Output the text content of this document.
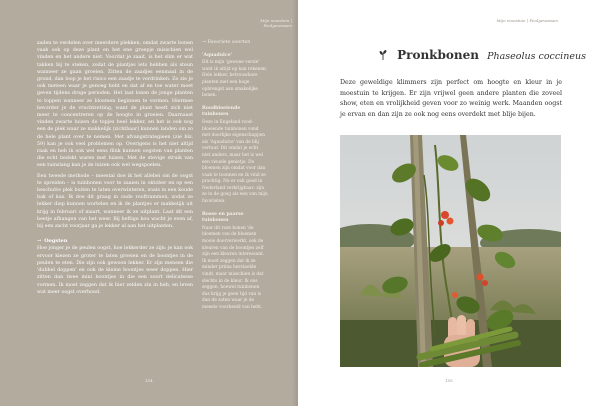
Mijn moestuin | Peulgewassen

zaden te verdelen over meerdere plekken, omdat zwarte bonen vaak ook op deze plant en het ene groepje misschien wel vinden en het andere niet. Voordat je zaait, is het slim er wat takken bij te steken, zodat de plantjes iets hebben als steun wanneer ze gaan groeien. Zitten de zaadjes eenmaal in de grond, dan loop je het risico een zaadje te verdrinken. Zo zie je ook meteen waar je genoeg hebt en dat af en toe water moet geven tijdens droge perioden. Het laat lonen de jonge planten te toppen wanneer ze bloemen beginnen te vormen. Hiermee bevorder je de vruchtzetting, want de plant heeft zich niet meer te concentreren op de hoogte in groeien. Daarnaast vinden zwarte luizen de topjes heel lekker, en het is ook nog een de plek waar ze makkelijk (zichtbaar) kunnen landen om zo de hele plant over te nemen. Met afvangstrategieen (zie blz. 59) kan je ook veel problemen op. Overigens is het niet altijd raak en heb ik ook wel eens flink kunnen oogsten van planten die echt bedekt waren met luizen. Met de stevige struik van een tuinslang kan je de luizen ook wel wegspoelen.

Een tweede methode – meestal doe ik het allebei om de oogst te spreiden – is tuinbonen voor te zaaien in oktober en op een beschutte plek buiten te laten overwinteren, zoals in een koude bak of kas. Ik doe dit graag in oude rooftrammen, zodat ze lekker diep kunnen wortelen en ik de plantjes er makkelijk uit krijg in februari of maart, wanneer ik ze uitplant. Laat dit een beetje afhangen van het weer. Bij heftige kou wacht je even af, bij een zacht voorjaar ga je lekker al aan het uitplanten.

→ Oogsten

Hoe jonger je de peulen oogst, hoe lekkerder ze zijn: je kan ook ervoor kiezen ze groter te laten groeien en de boontjes in de peulen te eten. Die zijn ook gewoon lekker. Er zijn mensen die 'dubbel doppen' en ook de kleine boontjes weer doppen. Hier zitten dan twee mini boontjes in die een soort delicatesse vormen. Ik moet zeggen dat ik hier zelden zin in heb, en leven wat meer oogst overhoud.

→ Favoriete soorten
'Aquadulce'

Dit is mijn 'gewone versie' want ik altijd op kan rekenen. Hele lekker, betrouwbare planten met een hoge opbrengst aan smakelijke bonen.

Roodbloeiende tuinbonen

Deze in Engeland rood-bloeiende tuinbonen vond met doorlijke eigenschappen als 'Aquadulce' van de blij vertuur. Dit omdat je echt niet anders, maar het is wel een visuele genietje. De bloemen zijn omdat voor dan vaak te toonnen en ik vind ze prachtig. Nu er ook goed in Nederland verkrijgbaar: zijn ze in de goog als een van mijn favorieten.

Rosse en paarse tuinbonen

Naar dit roze bonen 'de bloemen van de bloemen mooie doorverwerkt, ook de kleuren van de boontjes zelf zijn een kleuren interessant. Ik moet zeggen dat ik ze minder prima herstaelde vindt, maar misschien is dat slechts in de kleur. Ik ons zeggen, hoewel tuinbonen dus krijg je geen tijd van is dan de zaten waar je de meeste voorbeeld van hebt.

154
Mijn moestuin | Peulgewassen
Pronkbonen Phaseolus coccineus
Deze geweldige klimmers zijn perfect om hoogte en kleur in je moestuin te krijgen. Er zijn vrijwel geen andere planten die zoveel show, eten en vrolijkheid geven voor zo weinig werk. Maanden oogst je ervan en dan zijn ze ook nog eens overdekt met blije bijen.
155
